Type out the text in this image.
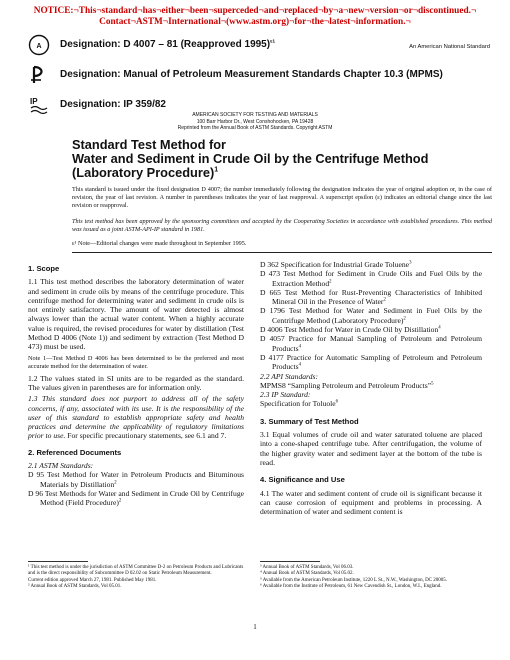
NOTICE:¬This¬standard¬has¬either¬been¬superceded¬and¬replaced¬by¬a¬new¬version¬or¬discontinued.¬
Contact¬ASTM¬International¬(www.astm.org)¬for¬the¬latest¬information.¬
A Designation: D 4007 – 81 (Reapproved 1995)$^{\varepsilon 1}$
An American National Standard
Designation: Manual of Petroleum Measurement Standards Chapter 10.3 (MPMS)
IP Designation: IP 359/82
AMERICAN SOCIETY FOR TESTING AND MATERIALS
100 Barr Harbor Dr., West Conshohocken, PA 19428
Reprinted from the Annual Book of ASTM Standards. Copyright ASTM
Standard Test Method for
Water and Sediment in Crude Oil by the Centrifuge Method
(Laboratory Procedure)$^1$
This standard is issued under the fixed designation D 4007; the number immediately following the designation indicates the year of original adoption or, in the case of revision, the year of last revision. A number in parentheses indicates the year of last reapproval. A superscript epsilon (ε) indicates an editorial change since the last revision or reapproval.
This test method has been approved by the sponsoring committees and accepted by the Cooperating Societies in accordance with established procedures. This method was issued as a joint ASTM-API-IP standard in 1981.
ε¹ Note—Editorial changes were made throughout in September 1995.

1. Scope

1.1 This test method describes the laboratory determination of water and sediment in crude oils by means of the centrifuge procedure. This centrifuge method for determining water and sediment in crude oils is not entirely satisfactory. The amount of water detected is almost always lower than the actual water content. When a highly accurate value is required, the revised procedures for water by distillation (Test Method D 4006 (Note 1)) and sediment by extraction (Test Method D 473) must be used.

Note 1—Test Method D 4006 has been determined to be the preferred and most accurate method for the determination of water.

1.2 The values stated in SI units are to be regarded as the standard. The values given in parentheses are for information only.

1.3 This standard does not purport to address all of the safety concerns, if any, associated with its use. It is the responsibility of the user of this standard to establish appropriate safety and health practices and determine the applicability of regulatory limitations prior to use. For specific precautionary statements, see 6.1 and 7.

2. Referenced Documents

2.1 ASTM Standards:

D 95 Test Method for Water in Petroleum Products and Bituminous Materials by Distillation$^2$

D 96 Test Methods for Water and Sediment in Crude Oil by Centrifuge Method (Field Procedure)$^2$

D 362 Specification for Industrial Grade Toluene$^3$

D 473 Test Method for Sediment in Crude Oils and Fuel Oils by the Extraction Method$^2$

D 665 Test Method for Rust-Preventing Characteristics of Inhibited Mineral Oil in the Presence of Water$^2$

D 1796 Test Method for Water and Sediment in Fuel Oils by the Centrifuge Method (Laboratory Procedure)$^2$

D 4006 Test Method for Water in Crude Oil by Distillation$^4$

D 4057 Practice for Manual Sampling of Petroleum and Petroleum Products$^4$

D 4177 Practice for Automatic Sampling of Petroleum and Petroleum Products$^4$

2.2 API Standards:

MPMS8 “Sampling Petroleum and Petroleum Products”$^5$

2.3 IP Standard:

Specification for Toluole$^6$

3. Summary of Test Method

3.1 Equal volumes of crude oil and water saturated toluene are placed into a cone-shaped centrifuge tube. After centrifugation, the volume of the higher gravity water and sediment layer at the bottom of the tube is read.

4. Significance and Use

4.1 The water and sediment content of crude oil is significant because it can cause corrosion of equipment and problems in processing. A determination of water and sediment content is

¹ This test method is under the jurisdiction of ASTM Committee D-2 on Petroleum Products and Lubricants and is the direct responsibility of Subcommittee D 02.02 on Static Petroleum Measurement.

Current edition approved March 27, 1981. Published May 1981.

² Annual Book of ASTM Standards, Vol 05.01.

³ Annual Book of ASTM Standards, Vol 06.03.

⁴ Annual Book of ASTM Standards, Vol 05.02.

⁵ Available from the American Petroleum Institute, 1220 L St., N.W., Washington, DC 20005.

⁶ Available from the Institute of Petroleum, 61 New Cavendish St., London, W.I., England.

1
